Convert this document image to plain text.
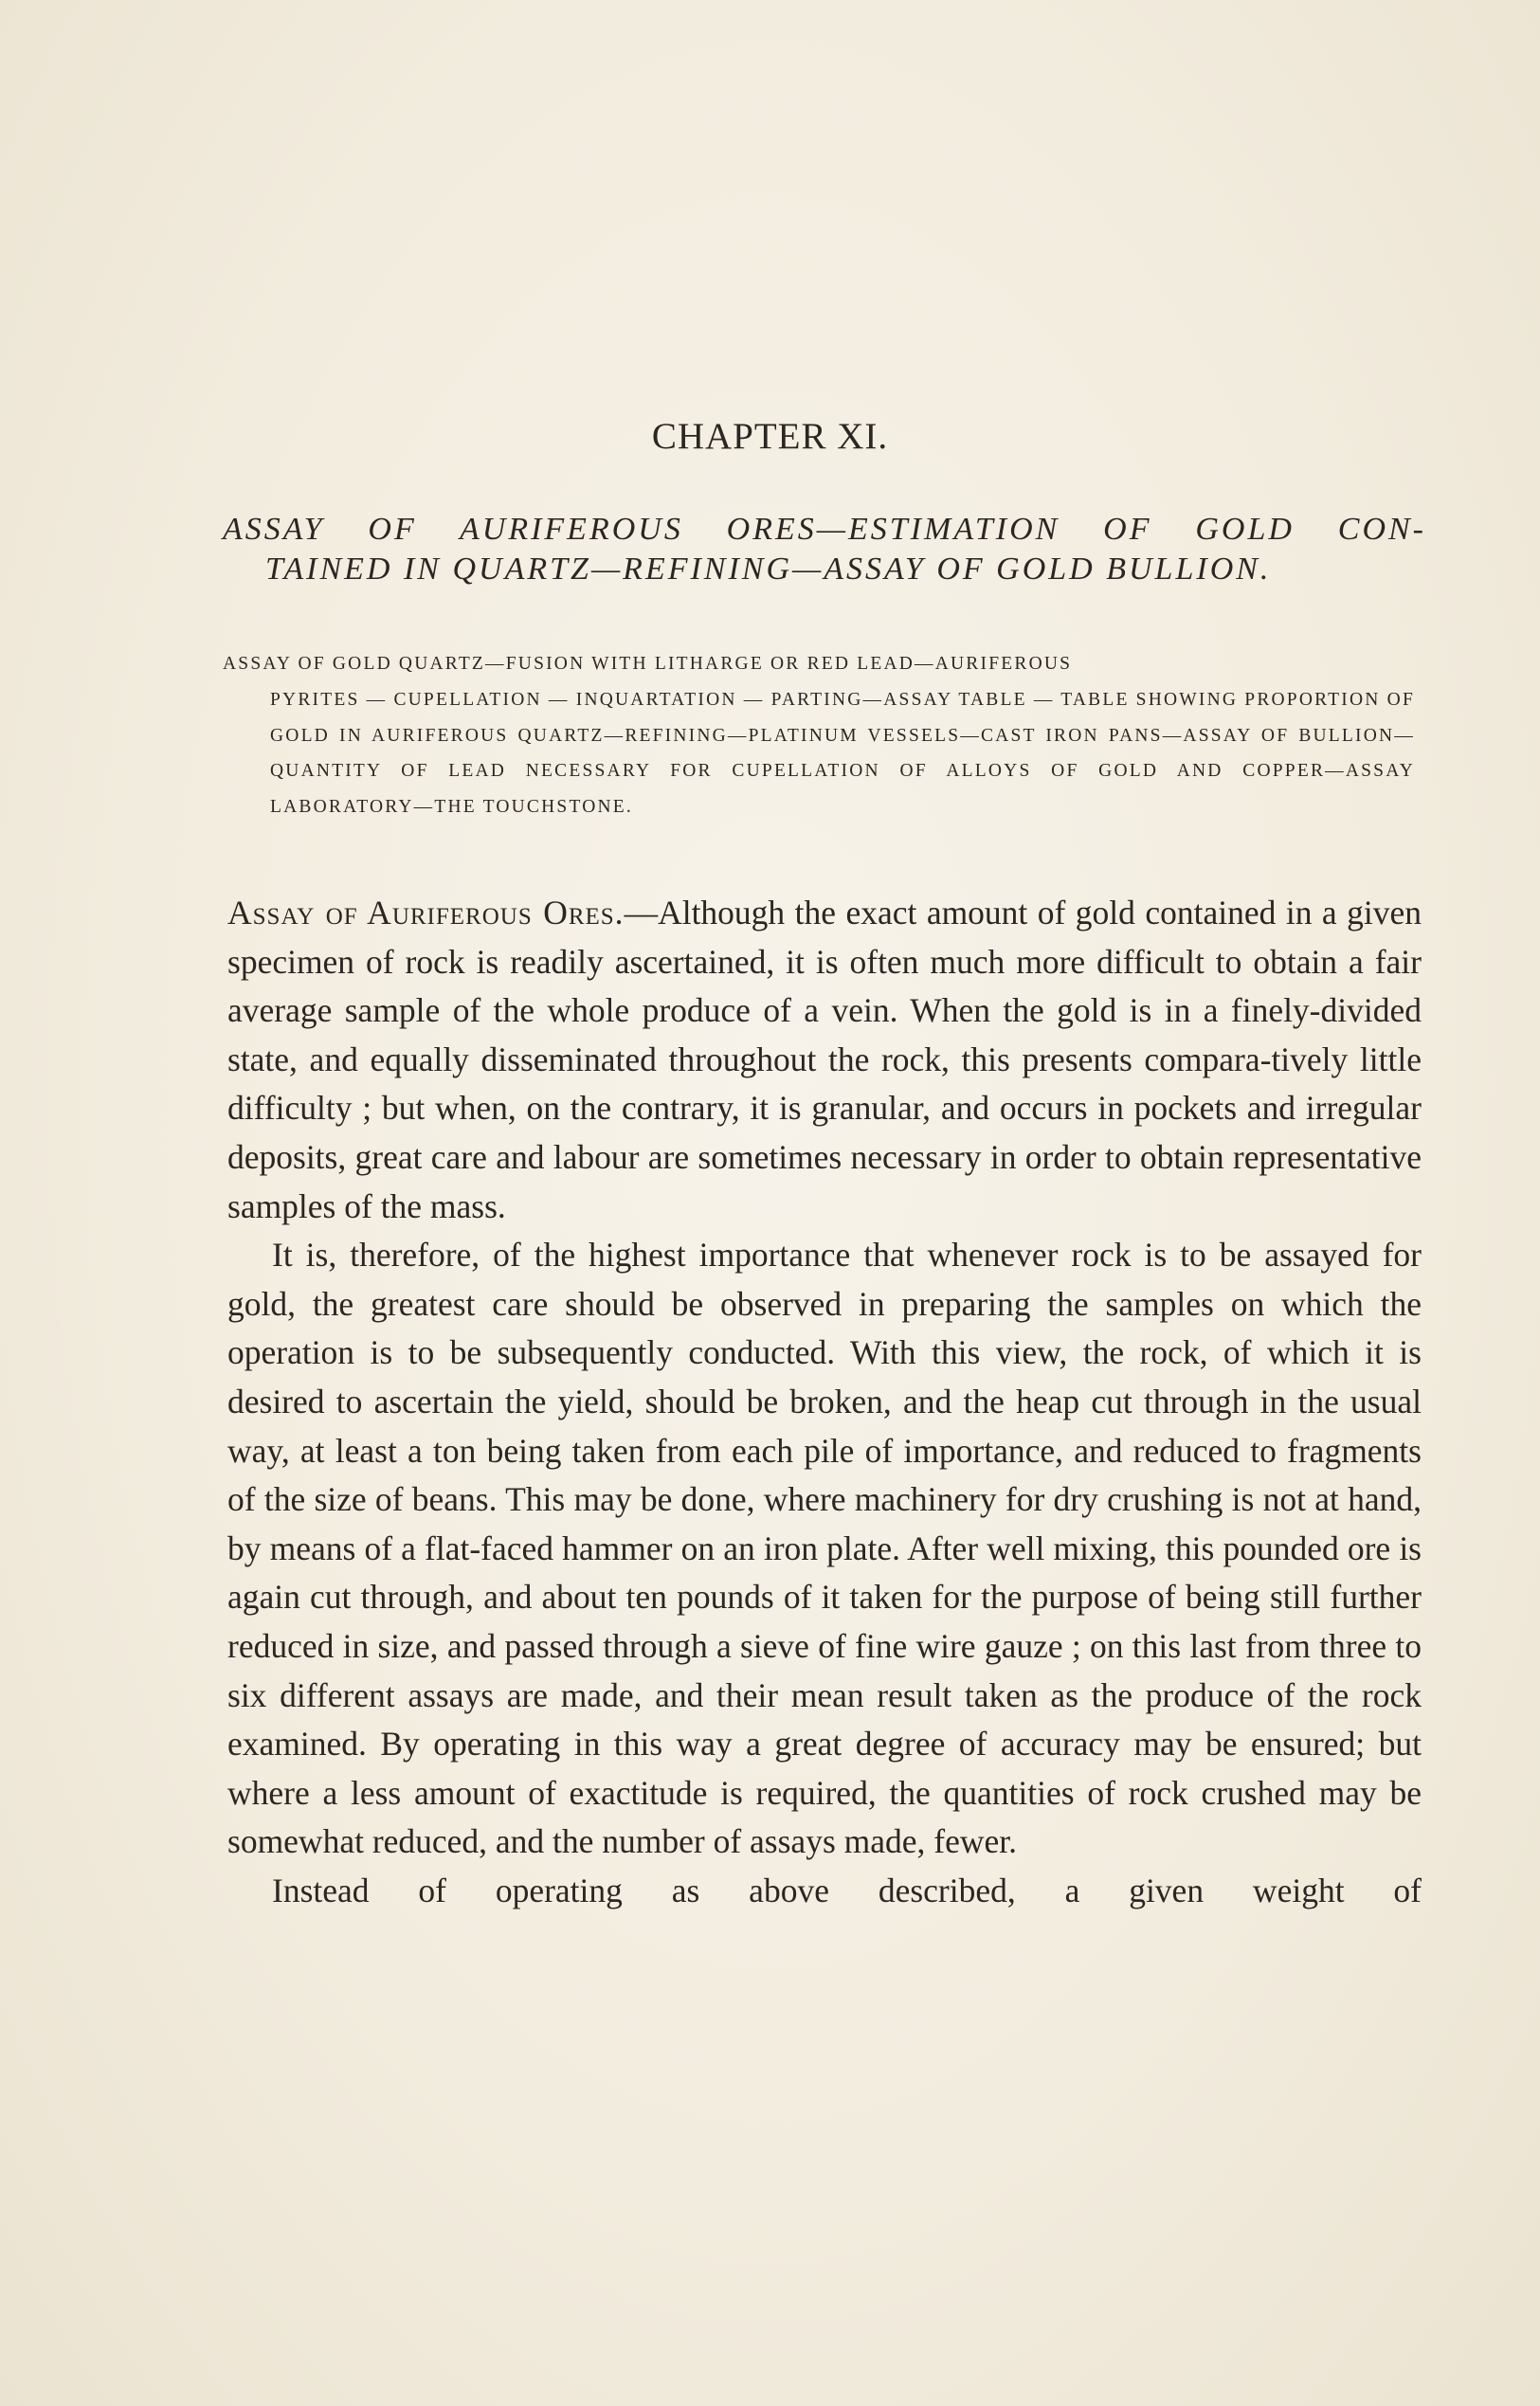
CHAPTER XI.
ASSAY OF AURIFEROUS ORES—ESTIMATION OF GOLD CON-
TAINED IN QUARTZ—REFINING—ASSAY OF GOLD BULLION.
ASSAY OF GOLD QUARTZ—FUSION WITH LITHARGE OR RED LEAD—AURIFEROUS
PYRITES — CUPELLATION — INQUARTATION — PARTING—ASSAY TABLE — TABLE SHOWING PROPORTION OF GOLD IN AURIFEROUS QUARTZ—REFINING—PLATINUM VESSELS—CAST IRON PANS—ASSAY OF BULLION—QUANTITY OF LEAD NECESSARY FOR CUPELLATION OF ALLOYS OF GOLD AND COPPER—ASSAY LABORATORY—THE TOUCHSTONE.

Assay of Auriferous Ores.—Although the exact amount of gold contained in a given specimen of rock is readily ascertained, it is often much more difficult to obtain a fair average sample of the whole produce of a vein. When the gold is in a finely-divided state, and equally disseminated throughout the rock, this presents compara-tively little difficulty ; but when, on the contrary, it is granular, and occurs in pockets and irregular deposits, great care and labour are sometimes necessary in order to obtain representative samples of the mass.

It is, therefore, of the highest importance that whenever rock is to be assayed for gold, the greatest care should be observed in preparing the samples on which the operation is to be subsequently conducted. With this view, the rock, of which it is desired to ascertain the yield, should be broken, and the heap cut through in the usual way, at least a ton being taken from each pile of importance, and reduced to fragments of the size of beans. This may be done, where machinery for dry crushing is not at hand, by means of a flat-faced hammer on an iron plate. After well mixing, this pounded ore is again cut through, and about ten pounds of it taken for the purpose of being still further reduced in size, and passed through a sieve of fine wire gauze ; on this last from three to six different assays are made, and their mean result taken as the produce of the rock examined. By operating in this way a great degree of accuracy may be ensured; but where a less amount of exactitude is required, the quantities of rock crushed may be somewhat reduced, and the number of assays made, fewer.

Instead of operating as above described, a given weight of
